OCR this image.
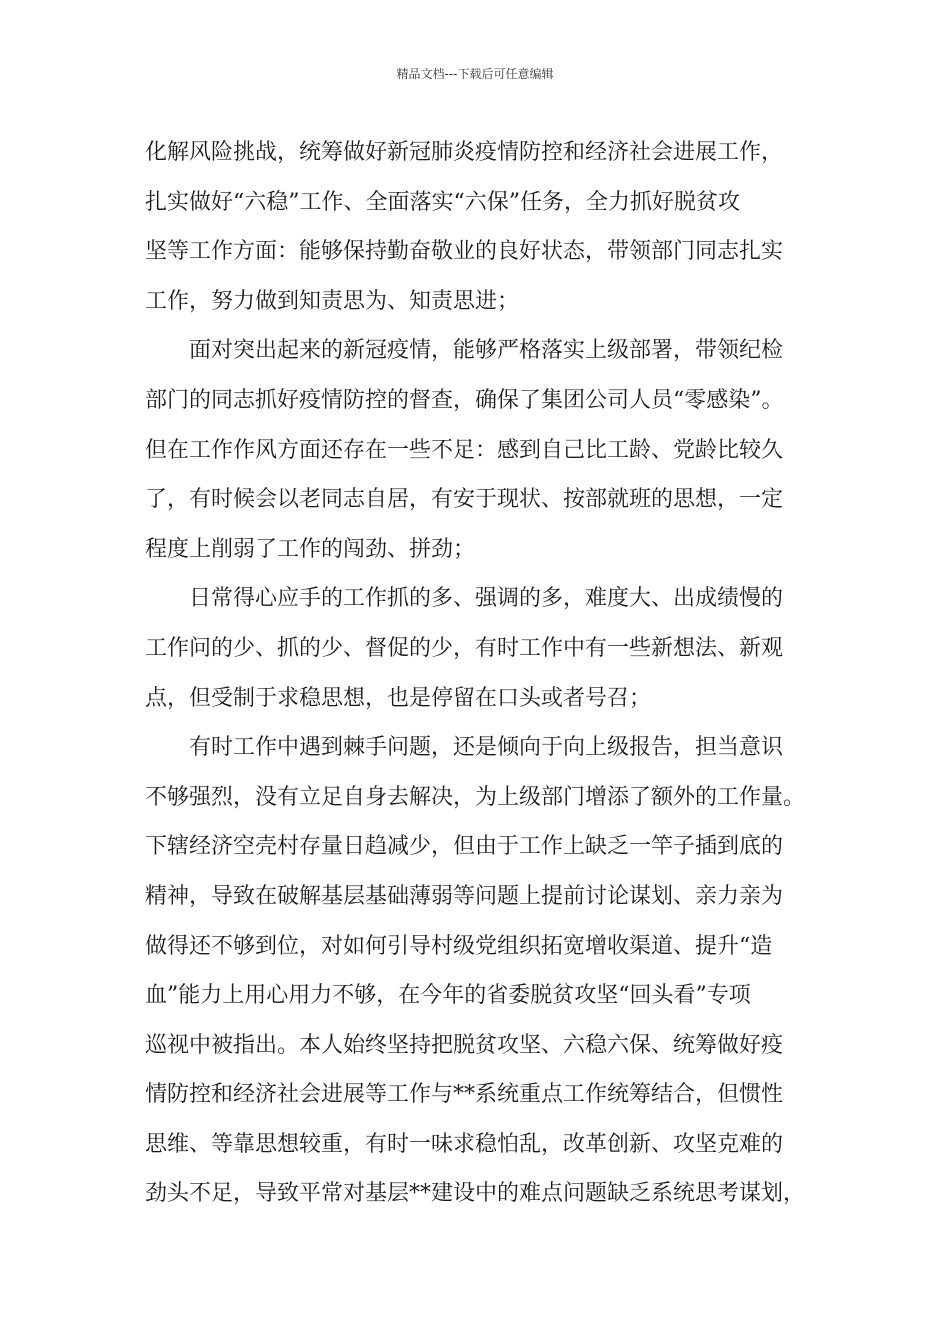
精品文档---下载后可任意编辑
化解风险挑战，统筹做好新冠肺炎疫情防控和经济社会进展工作，
扎实做好“六稳”工作、全面落实“六保”任务，全力抓好脱贫攻
坚等工作方面：能够保持勤奋敬业的良好状态，带领部门同志扎实
工作，努力做到知责思为、知责思进；
面对突出起来的新冠疫情，能够严格落实上级部署，带领纪检
部门的同志抓好疫情防控的督查，确保了集团公司人员“零感染”。
但在工作作风方面还存在一些不足：感到自己比工龄、党龄比较久
了，有时候会以老同志自居，有安于现状、按部就班的思想，一定
程度上削弱了工作的闯劲、拼劲；
日常得心应手的工作抓的多、强调的多，难度大、出成绩慢的
工作问的少、抓的少、督促的少，有时工作中有一些新想法、新观
点，但受制于求稳思想，也是停留在口头或者号召；
有时工作中遇到棘手问题，还是倾向于向上级报告，担当意识
不够强烈，没有立足自身去解决，为上级部门增添了额外的工作量。
下辖经济空壳村存量日趋减少，但由于工作上缺乏一竿子插到底的
精神，导致在破解基层基础薄弱等问题上提前讨论谋划、亲力亲为
做得还不够到位，对如何引导村级党组织拓宽增收渠道、提升“造
血”能力上用心用力不够，在今年的省委脱贫攻坚“回头看”专项
巡视中被指出。本人始终坚持把脱贫攻坚、六稳六保、统筹做好疫
情防控和经济社会进展等工作与**系统重点工作统筹结合，但惯性
思维、等靠思想较重，有时一味求稳怕乱，改革创新、攻坚克难的
劲头不足，导致平常对基层**建设中的难点问题缺乏系统思考谋划，
